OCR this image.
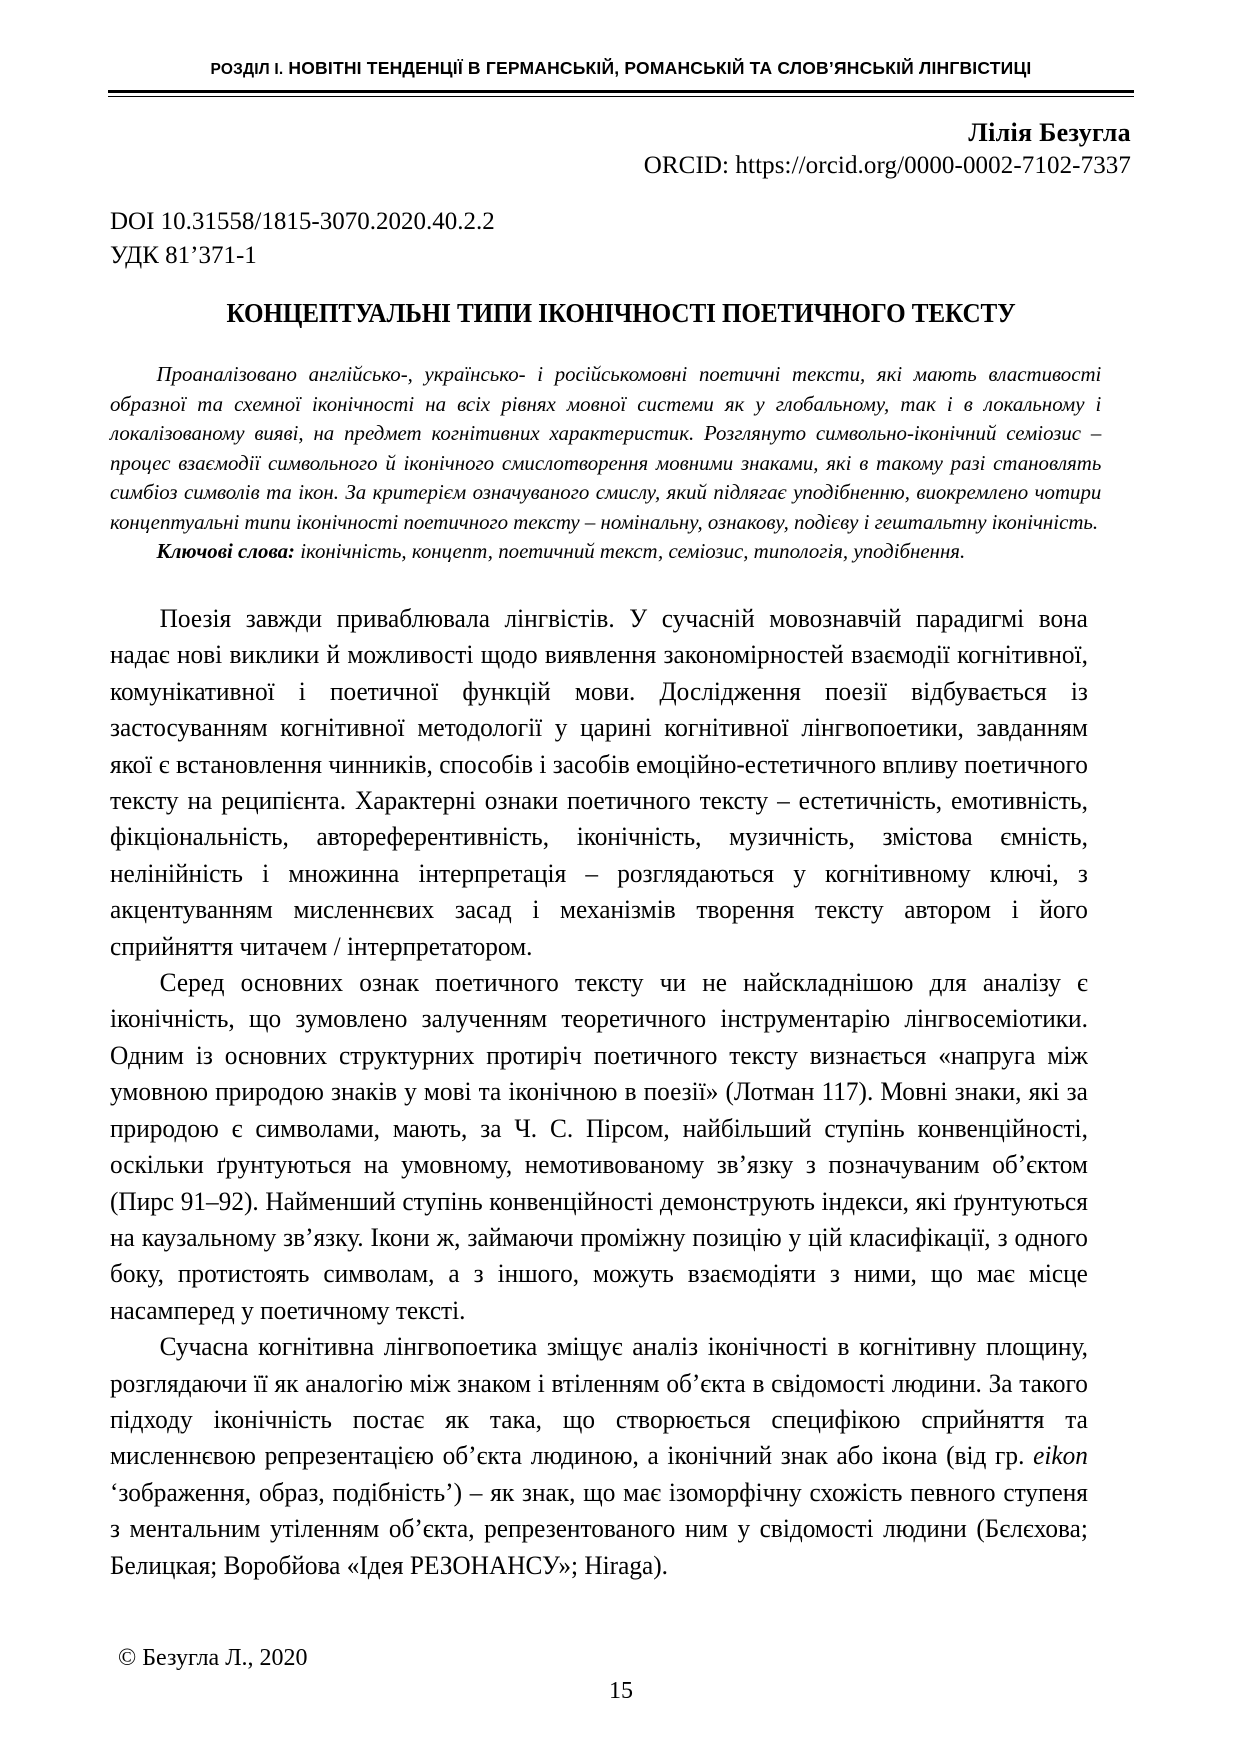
РОЗДІЛ І. НОВІТНІ ТЕНДЕНЦІЇ В ГЕРМАНСЬКІЙ, РОМАНСЬКІЙ ТА СЛОВ’ЯНСЬКІЙ ЛІНГВІСТИЦІ
Лілія Безугла
ORCID: https://orcid.org/0000-0002-7102-7337
DOI 10.31558/1815-3070.2020.40.2.2
УДК 81’371-1
КОНЦЕПТУАЛЬНІ ТИПИ ІКОНІЧНОСТІ ПОЕТИЧНОГО ТЕКСТУ

Проаналізовано англійсько-, українсько- і російськомовні поетичні тексти, які мають властивості образної та схемної іконічності на всіх рівнях мовної системи як у глобальному, так і в локальному і локалізованому вияві, на предмет когнітивних характеристик. Розглянуто символьно-іконічний семіозис – процес взаємодії символьного й іконічного смислотворення мовними знаками, які в такому разі становлять симбіоз символів та ікон. За критерієм означуваного смислу, який підлягає уподібненню, виокремлено чотири концептуальні типи іконічності поетичного тексту – номінальну, ознакову, подієву і гештальтну іконічність.

Ключові слова: іконічність, концепт, поетичний текст, семіозис, типологія, уподібнення.

Поезія завжди приваблювала лінгвістів. У сучасній мовознавчій парадигмі вона надає нові виклики й можливості щодо виявлення закономірностей взаємодії когнітивної, комунікативної і поетичної функцій мови. Дослідження поезії відбувається із застосуванням когнітивної методології у царині когнітивної лінгвопоетики, завданням якої є встановлення чинників, способів і засобів емоційно-естетичного впливу поетичного тексту на реципієнта. Характерні ознаки поетичного тексту – естетичність, емотивність, фікціональність, автореферентивність, іконічність, музичність, змістова ємність, нелінійність і множинна інтерпретація – розглядаються у когнітивному ключі, з акцентуванням мисленнєвих засад і механізмів творення тексту автором і його сприйняття читачем / інтерпретатором.

Серед основних ознак поетичного тексту чи не найскладнішою для аналізу є іконічність, що зумовлено залученням теоретичного інструментарію лінгвосеміотики. Одним із основних структурних протиріч поетичного тексту визнається «напруга між умовною природою знаків у мові та іконічною в поезії» (Лотман 117). Мовні знаки, які за природою є символами, мають, за Ч. С. Пірсом, найбільший ступінь конвенційності, оскільки ґрунтуються на умовному, немотивованому зв’язку з позначуваним об’єктом (Пирс 91–92). Найменший ступінь конвенційності демонструють індекси, які ґрунтуються на каузальному зв’язку. Ікони ж, займаючи проміжну позицію у цій класифікації, з одного боку, протистоять символам, а з іншого, можуть взаємодіяти з ними, що має місце насамперед у поетичному тексті.

Сучасна когнітивна лінгвопоетика зміщує аналіз іконічності в когнітивну площину, розглядаючи її як аналогію між знаком і втіленням об’єкта в свідомості людини. За такого підходу іконічність постає як така, що створюється специфікою сприйняття та мисленнєвою репрезентацією об’єкта людиною, а іконічний знак або ікона (від гр. eikon ‘зображення, образ, подібність’) – як знак, що має ізоморфічну схожість певного ступеня з ментальним утіленням об’єкта, репрезентованого ним у свідомості людини (Бєлєхова; Белицкая; Воробйова «Ідея РЕЗОНАНСУ»; Hiraga).

© Безугла Л., 2020
15
